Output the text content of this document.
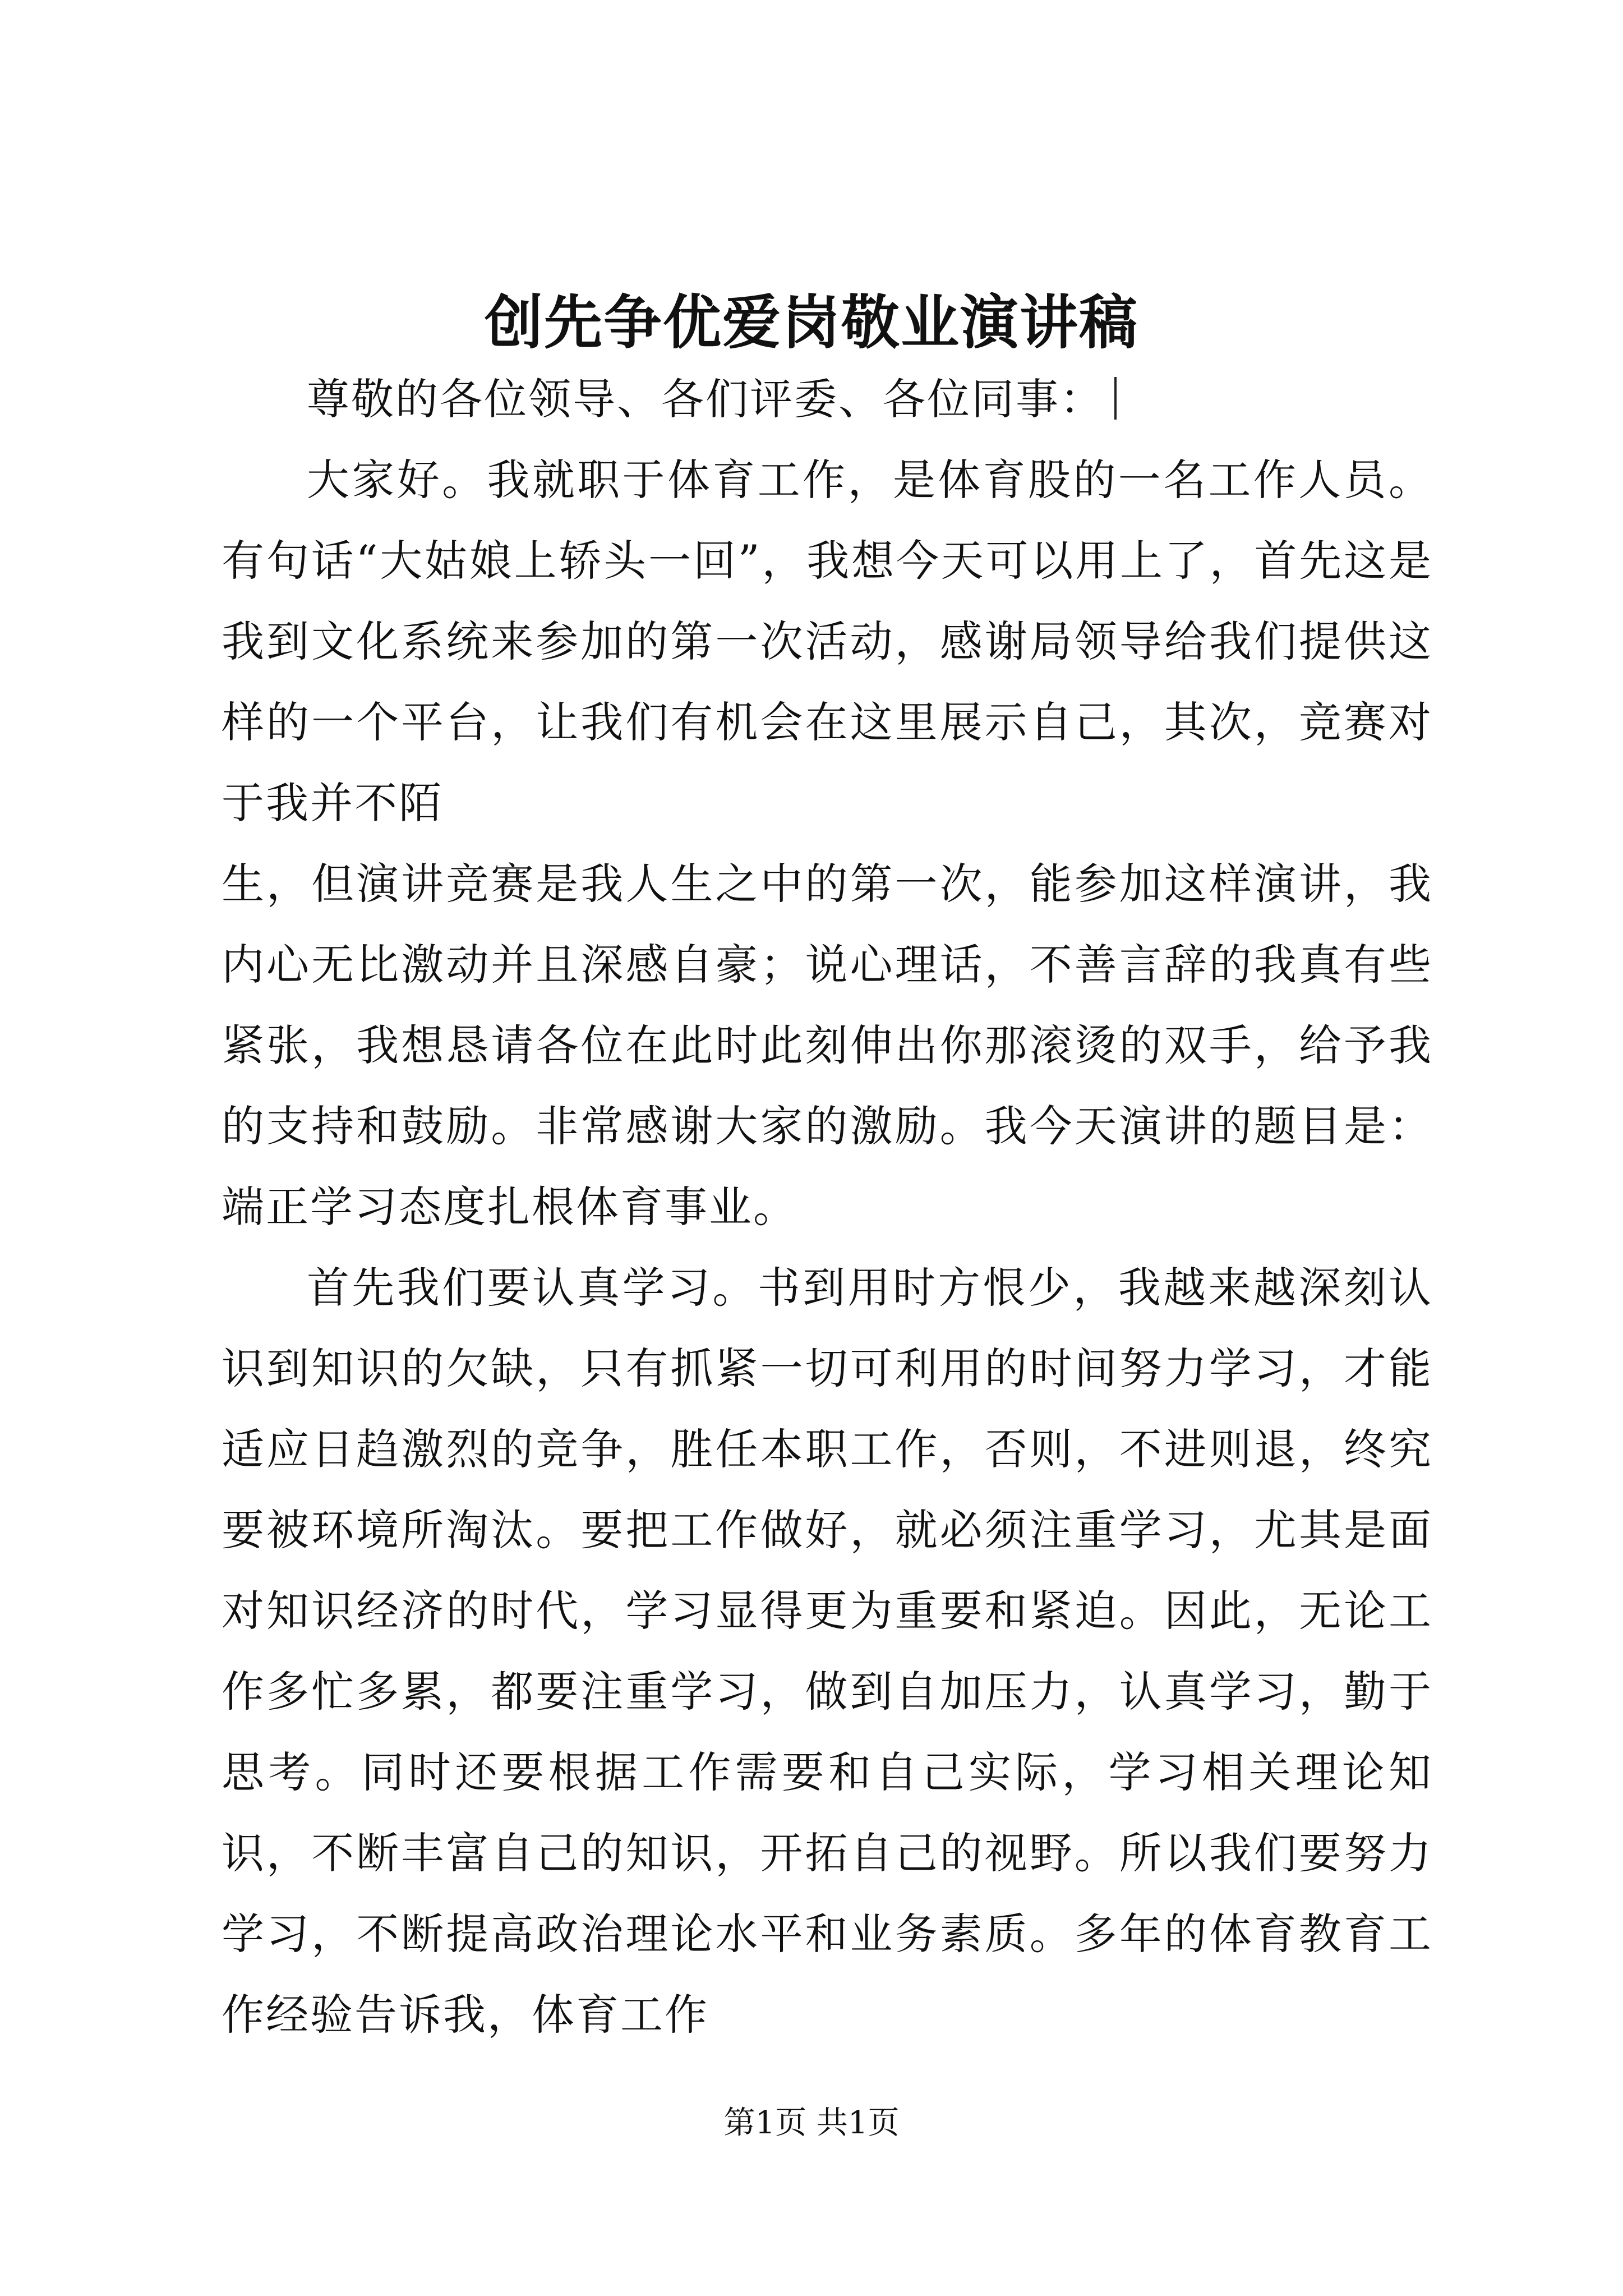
创先争优爱岗敬业演讲稿

尊敬的各位领导、各们评委、各位同事：

大家好。我就职于体育工作，是体育股的一名工作人员。有句话“大姑娘上轿头一回”，我想今天可以用上了，首先这是我到文化系统来参加的第一次活动，感谢局领导给我们提供这样的一个平台，让我们有机会在这里展示自己，其次，竞赛对于我并不陌

生，但演讲竞赛是我人生之中的第一次，能参加这样演讲，我内心无比激动并且深感自豪；说心理话，不善言辞的我真有些紧张，我想恳请各位在此时此刻伸出你那滚烫的双手，给予我的支持和鼓励。非常感谢大家的激励。我今天演讲的题目是：端正学习态度扎根体育事业。

首先我们要认真学习。书到用时方恨少，我越来越深刻认识到知识的欠缺，只有抓紧一切可利用的时间努力学习，才能适应日趋激烈的竞争，胜任本职工作，否则，不进则退，终究要被环境所淘汰。要把工作做好，就必须注重学习，尤其是面对知识经济的时代，学习显得更为重要和紧迫。因此，无论工作多忙多累，都要注重学习，做到自加压力，认真学习，勤于思考。同时还要根据工作需要和自己实际，学习相关理论知识，不断丰富自己的知识，开拓自己的视野。所以我们要努力学习，不断提高政治理论水平和业务素质。多年的体育教育工作经验告诉我，体育工作

第1页 共1页
